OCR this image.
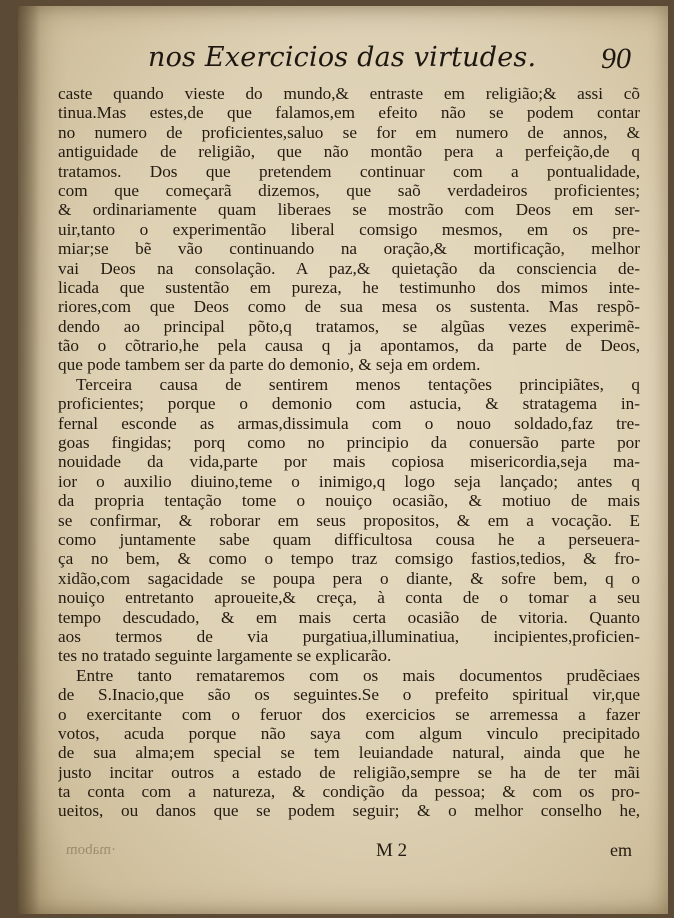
nos Exercicios das virtudes. 90
caste quando vieste do mundo,& entraste em religião;& assi cõ
tinua.Mas estes,de que falamos,em efeito não se podem contar
no numero de proficientes,saluo se for em numero de annos, &
antiguidade de religião, que não montão pera a perfeição,de q
tratamos. Dos que pretendem continuar com a pontualidade,
com que começarã dizemos, que saõ verdadeiros proficientes;
& ordinariamente quam liberaes se mostrão com Deos em ser-
uir,tanto o experimentão liberal comsigo mesmos, em os pre-
miar;se bẽ vão continuando na oração,& mortificação, melhor
vai Deos na consolação. A paz,& quietação da consciencia de-
licada que sustentão em pureza, he testimunho dos mimos inte-
riores,com que Deos como de sua mesa os sustenta. Mas respõ-
dendo ao principal põto,q tratamos, se algũas vezes experimẽ-
tão o cõtrario,he pela causa q ja apontamos, da parte de Deos,
que pode tambem ser da parte do demonio, & seja em ordem.
Terceira causa de sentirem menos tentações principiãtes, q
proficientes; porque o demonio com astucia, & stratagema in-
fernal esconde as armas,dissimula com o nouo soldado,faz tre-
goas fingidas; porq como no principio da conuersão parte por
nouidade da vida,parte por mais copiosa misericordia,seja ma-
ior o auxilio diuino,teme o inimigo,q logo seja lançado; antes q
da propria tentação tome o nouiço ocasião, & motiuo de mais
se confirmar, & roborar em seus propositos, & em a vocação. E
como juntamente sabe quam difficultosa cousa he a perseuera-
ça no bem, & como o tempo traz comsigo fastios,tedios, & fro-
xidão,com sagacidade se poupa pera o diante, & sofre bem, q o
nouiço entretanto aproueite,& creça, à conta de o tomar a seu
tempo descudado, & em mais certa ocasião de vitoria. Quanto
aos termos de via purgatiua,illuminatiua, incipientes,proficien-
tes no tratado seguinte largamente se explicarão.
Entre tanto remataremos com os mais documentos prudẽciaes
de S.Inacio,que são os seguintes.Se o prefeito spiritual vir,que
o exercitante com o feruor dos exercicios se arremessa a fazer
votos, acuda porque não saya com algum vinculo precipitado
de sua alma;em special se tem leuiandade natural, ainda que he
justo incitar outros a estado de religião,sempre se ha de ter mãi
ta conta com a natureza, & condição da pessoa; & com os pro-
ueitos, ou danos que se podem seguir; & o melhor conselho he,
·mabom	M 2	em
